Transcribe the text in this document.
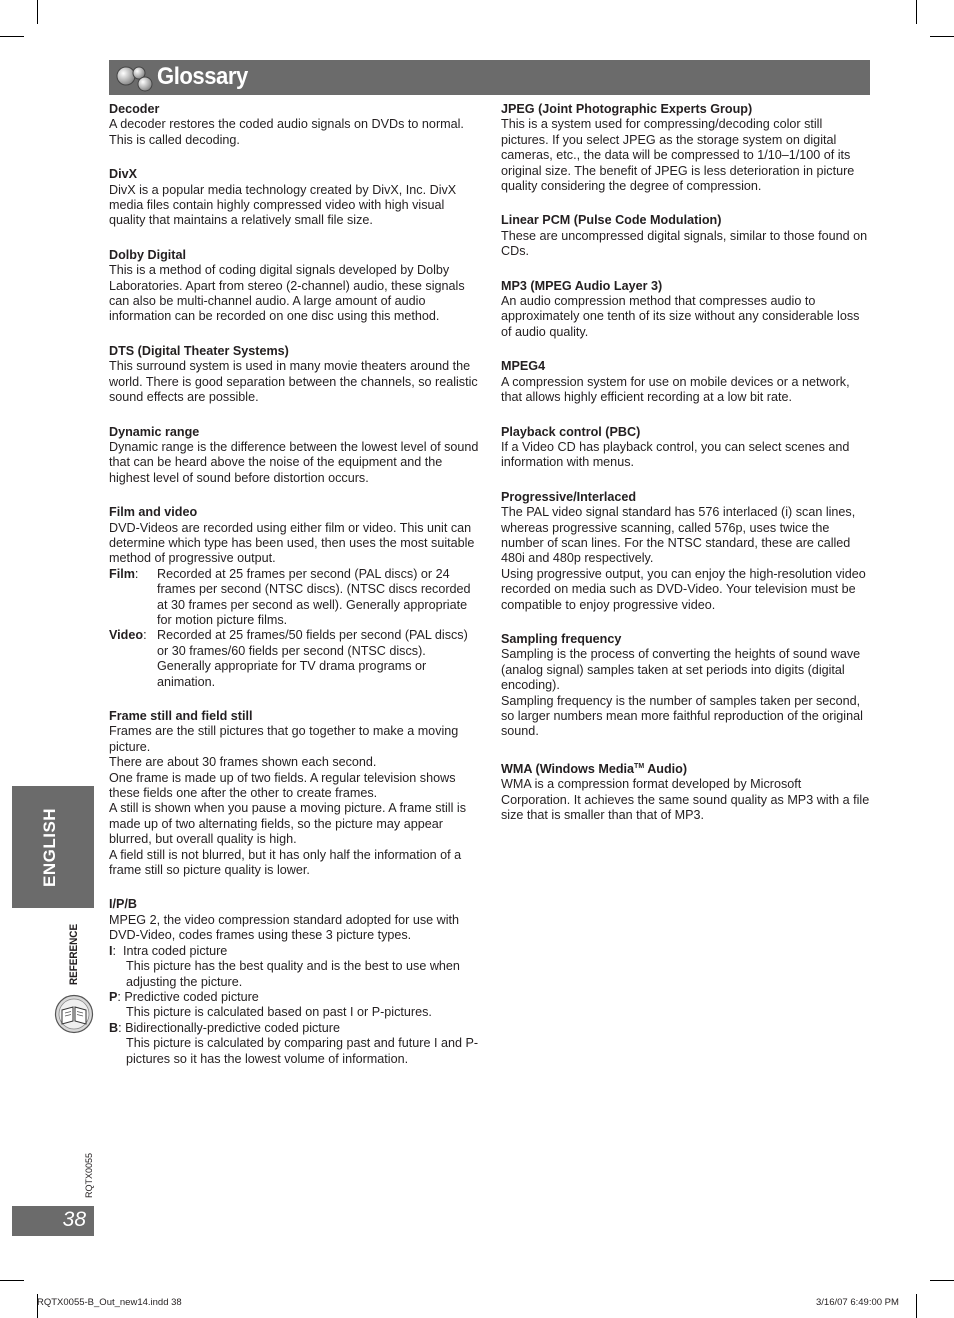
Glossary
Decoder

A decoder restores the coded audio signals on DVDs to normal. This is called decoding.

DivX

DivX is a popular media technology created by DivX, Inc. DivX media files contain highly compressed video with high visual quality that maintains a relatively small file size.

Dolby Digital

This is a method of coding digital signals developed by Dolby Laboratories. Apart from stereo (2-channel) audio, these signals can also be multi-channel audio. A large amount of audio information can be recorded on one disc using this method.

DTS (Digital Theater Systems)

This surround system is used in many movie theaters around the world. There is good separation between the channels, so realistic sound effects are possible.

Dynamic range

Dynamic range is the difference between the lowest level of sound that can be heard above the noise of the equipment and the highest level of sound before distortion occurs.

Film and video

DVD-Videos are recorded using either film or video. This unit can determine which type has been used, then uses the most suitable method of progressive output.

Film:	Recorded at 25 frames per second (PAL discs) or 24 frames per second (NTSC discs). (NTSC discs recorded at 30 frames per second as well). Generally appropriate for motion picture films.
Video: Recorded at 25 frames/50 fields per second (PAL discs) or 30 frames/60 fields per second (NTSC discs). Generally appropriate for TV drama programs or animation.
Frame still and field still

Frames are the still pictures that go together to make a moving picture.

There are about 30 frames shown each second.

One frame is made up of two fields. A regular television shows these fields one after the other to create frames.

A still is shown when you pause a moving picture. A frame still is made up of two alternating fields, so the picture may appear blurred, but overall quality is high.

A field still is not blurred, but it has only half the information of a frame still so picture quality is lower.

I/P/B

MPEG 2, the video compression standard adopted for use with DVD-Video, codes frames using these 3 picture types.

I:  Intra coded picture
This picture has the best quality and is the best to use when adjusting the picture.
P: Predictive coded picture
This picture is calculated based on past I or P-pictures.
B: Bidirectionally-predictive coded picture
This picture is calculated by comparing past and future I and P-pictures so it has the lowest volume of information.
JPEG (Joint Photographic Experts Group)

This is a system used for compressing/decoding color still pictures. If you select JPEG as the storage system on digital cameras, etc., the data will be compressed to 1/10–1/100 of its original size. The benefit of JPEG is less deterioration in picture quality considering the degree of compression.

Linear PCM (Pulse Code Modulation)

These are uncompressed digital signals, similar to those found on CDs.

MP3 (MPEG Audio Layer 3)

An audio compression method that compresses audio to approximately one tenth of its size without any considerable loss of audio quality.

MPEG4

A compression system for use on mobile devices or a network, that allows highly efficient recording at a low bit rate.

Playback control (PBC)

If a Video CD has playback control, you can select scenes and information with menus.

Progressive/Interlaced

The PAL video signal standard has 576 interlaced (i) scan lines, whereas progressive scanning, called 576p, uses twice the number of scan lines. For the NTSC standard, these are called 480i and 480p respectively.

Using progressive output, you can enjoy the high-resolution video recorded on media such as DVD-Video. Your television must be compatible to enjoy progressive video.

Sampling frequency

Sampling is the process of converting the heights of sound wave (analog signal) samples taken at set periods into digits (digital encoding).

Sampling frequency is the number of samples taken per second, so larger numbers mean more faithful reproduction of the original sound.

WMA (Windows Media™ Audio)

WMA is a compression format developed by Microsoft Corporation. It achieves the same sound quality as MP3 with a file size that is smaller than that of MP3.

ENGLISH
REFERENCE
RQTX0055
38
RQTX0055-B_Out_new14.indd 38	3/16/07 6:49:00 PM
